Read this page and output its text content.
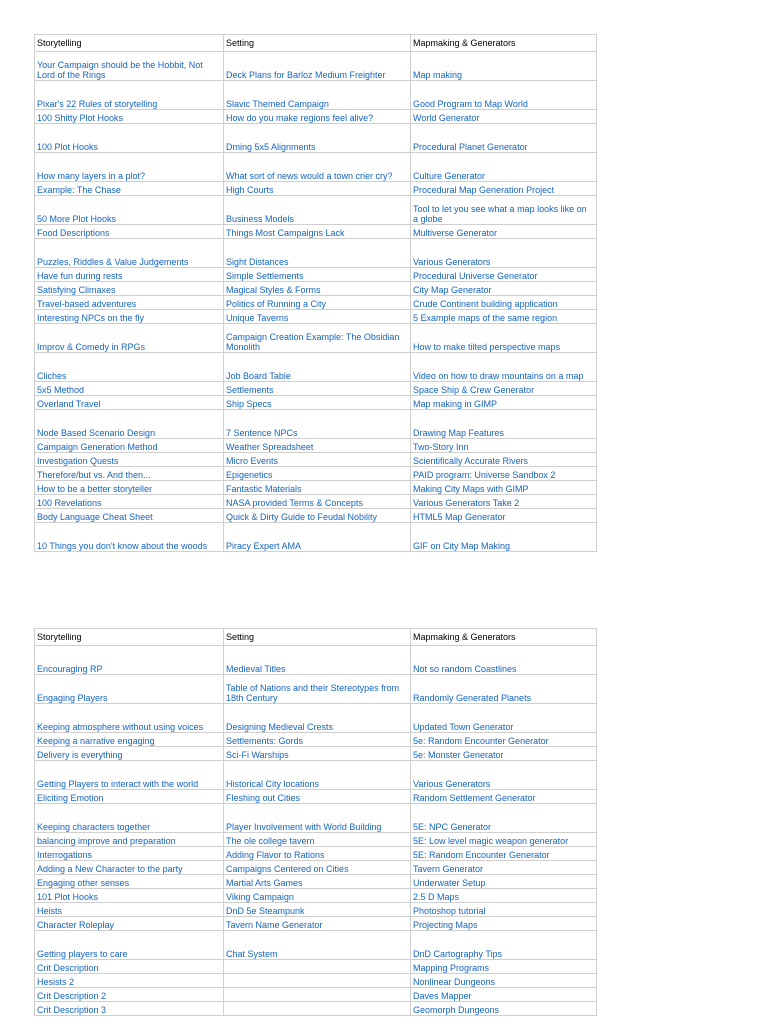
Storytelling	Setting	Mapmaking & Generators
Your Campaign should be the Hobbit, Not Lord of the Rings	Deck Plans for Barloz Medium Freighter	Map making
Pixar's 22 Rules of storytelling	Slavic Themed Campaign	Good Program to Map World
100 Shitty Plot Hooks	How do you make regions feel alive?	World Generator
100 Plot Hooks	Dming 5x5 Alignments	Procedural Planet Generator
How many layers in a plot?	What sort of news would a town crier cry?	Culture Generator
Example: The Chase	High Courts	Procedural Map Generation Project
50 More Plot Hooks	Business Models	Tool to let you see what a map looks like on a globe
Food Descriptions	Things Most Campaigns Lack	Multiverse Generator
Puzzles, Riddles & Value Judgements	Sight Distances	Various Generators
Have fun during rests	Simple Settlements	Procedural Universe Generator
Satisfying Climaxes	Magical Styles & Forms	City Map Generator
Travel-based adventures	Politics of Running a City	Crude Continent building application
Interesting NPCs on the fly	Unique Taverns	5 Example maps of the same region
Improv & Comedy in RPGs	Campaign Creation Example: The Obsidian Monolith	How to make tilted perspective maps
Cliches	Job Board Table	Video on how to draw mountains on a map
5x5 Method	Settlements	Space Ship & Crew Generator
Overland Travel	Ship Specs	Map making in GIMP
Node Based Scenario Design	7 Sentence NPCs	Drawing Map Features
Campaign Generation Method	Weather Spreadsheet	Two-Story Inn
Investigation Quests	Micro Events	Scientifically Accurate Rivers
Therefore/but vs. And then...	Epigenetics	PAID program: Universe Sandbox 2
How to be a better storyteller	Fantastic Materials	Making City Maps with GIMP
100 Revelations	NASA provided Terms & Concepts	Various Generators Take 2
Body Language Cheat Sheet	Quick & Dirty Guide to Feudal Nobility	HTML5 Map Generator
10 Things you don't know about the woods	Piracy Expert AMA	GIF on City Map Making
Storytelling	Setting	Mapmaking & Generators
Encouraging RP	Medieval Titles	Not so random Coastlines
Engaging Players	Table of Nations and their Stereotypes from 18th Century	Randomly Generated Planets
Keeping atmosphere without using voices	Designing Medieval Crests	Updated Town Generator
Keeping a narrative engaging	Settlements: Gords	5e: Random Encounter Generator
Delivery is everything	Sci-Fi Warships	5e: Monster Generator
Getting Players to interact with the world	Historical City locations	Various Generators
Eliciting Emotion	Fleshing out Cities	Random Settlement Generator
Keeping characters together	Player Involvement with World Building	5E: NPC Generator
balancing improve and preparation	The ole college tavern	5E: Low level magic weapon generator
Interrogations	Adding Flavor to Rations	5E: Random Encounter Generator
Adding a New Character to the party	Campaigns Centered on Cities	Tavern Generator
Engaging other senses	Martial Arts Games	Underwater Setup
101 Plot Hooks	Viking Campaign	2.5 D Maps
Heists	DnD 5e Steampunk	Photoshop tutorial
Character Roleplay	Tavern Name Generator	Projecting Maps
Getting players to care	Chat System	DnD Cartography Tips
Crit Description		Mapping Programs
Hesists 2		Nonlinear Dungeons
Crit Description 2		Daves Mapper
Crit Description 3		Geomorph Dungeons
